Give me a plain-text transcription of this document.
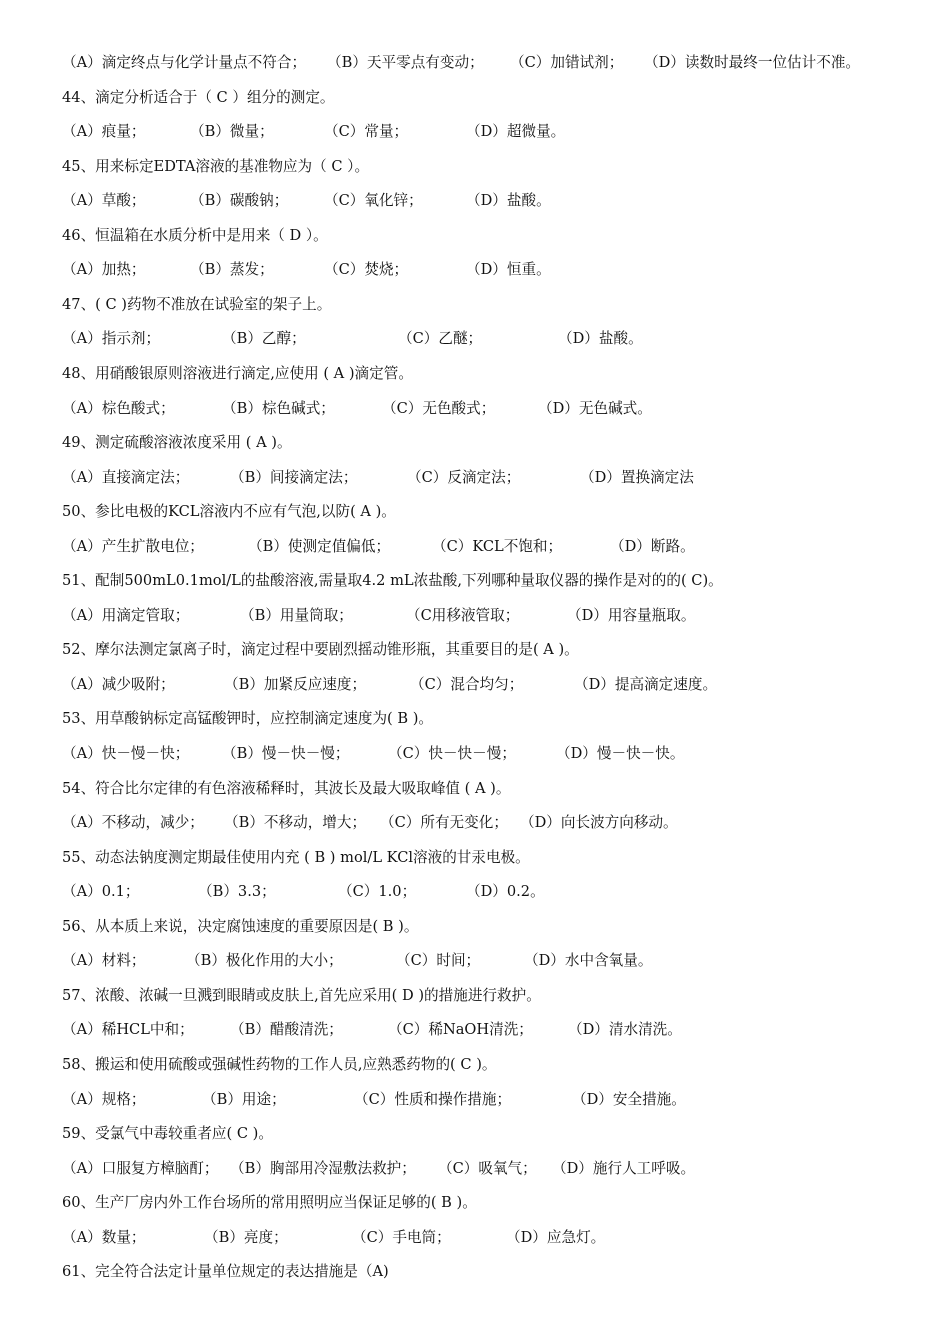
（A）滴定终点与化学计量点不符合； （B）天平零点有变动； （C）加错试剂； （D）读数时最终一位估计不准。
44、滴定分析适合于（ C ）组分的测定。
（A）痕量；	（B）微量；	（C）常量；	（D）超微量。
45、用来标定EDTA溶液的基准物应为（ C ）。
（A）草酸；	（B）碳酸钠； （C）氧化锌；	（D）盐酸。
46、恒温箱在水质分析中是用来（ D ）。
（A）加热；	（B）蒸发；	（C）焚烧；	（D）恒重。
47、( C )药物不准放在试验室的架子上。
（A）指示剂；	（B）乙醇；	（C）乙醚；	（D）盐酸。
48、用硝酸银原则溶液进行滴定,应使用 ( A )滴定管。
（A）棕色酸式；	（B）棕色碱式；	（C）无色酸式；	（D）无色碱式。
49、测定硫酸溶液浓度采用 ( A )。
（A）直接滴定法；	（B）间接滴定法；	（C）反滴定法；	（D）置换滴定法
50、参比电极的KCL溶液内不应有气泡,以防( A )。
（A）产生扩散电位；	（B）使测定值偏低；	（C）KCL不饱和；	（D）断路。
51、配制500mL0.1mol/L的盐酸溶液,需量取4.2 mL浓盐酸,下列哪种量取仪器的操作是对的的( C)。
（A）用滴定管取；	（B）用量筒取；	（C用移液管取；	（D）用容量瓶取。
52、摩尔法测定氯离子时，滴定过程中要剧烈摇动锥形瓶，其重要目的是( A )。
（A）减少吸附；	（B）加紧反应速度；	（C）混合均匀；	（D）提高滴定速度。
53、用草酸钠标定高锰酸钾时，应控制滴定速度为( B )。
（A）快－慢－快； （B）慢－快－慢；	（C）快－快－慢；	（D）慢－快－快。
54、符合比尔定律的有色溶液稀释时，其波长及最大吸取峰值 ( A )。
（A）不移动，减少； （B）不移动，增大； （C）所有无变化； （D）向长波方向移动。
55、动态法钠度测定期最佳使用内充 ( B ) mol/L KCl溶液的甘汞电极。
（A）0.1；	（B）3.3；	（C）1.0；	（D）0.2。
56、从本质上来说，决定腐蚀速度的重要原因是( B )。
（A）材料；	（B）极化作用的大小；	（C）时间；	（D）水中含氧量。
57、浓酸、浓碱一旦溅到眼睛或皮肤上,首先应采用( D )的措施进行救护。
（A）稀HCL中和； （B）醋酸清洗；	（C）稀NaOH清洗； （D）清水清洗。
58、搬运和使用硫酸或强碱性药物的工作人员,应熟悉药物的( C )。
（A）规格；	（B）用途；	（C）性质和操作措施；	（D）安全措施。
59、受氯气中毒较重者应( C )。
（A）口服复方樟脑酊； （B）胸部用冷湿敷法救护； （C）吸氧气； （D）施行人工呼吸。
60、生产厂房内外工作台场所的常用照明应当保证足够的( B )。
（A）数量；	（B）亮度；	（C）手电筒；	（D）应急灯。
61、完全符合法定计量单位规定的表达措施是（A)
